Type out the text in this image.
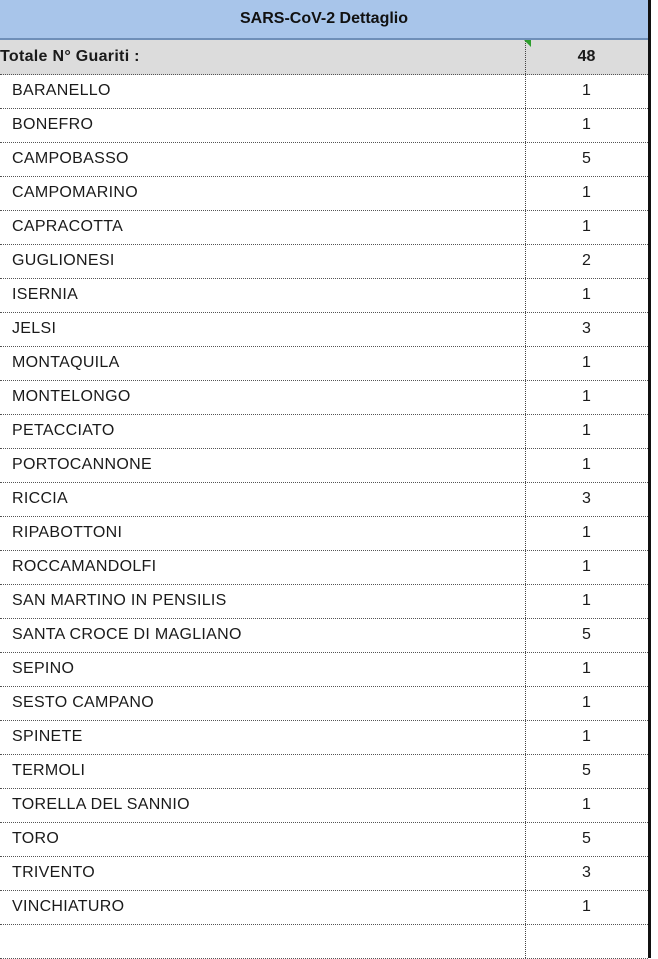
SARS-CoV-2 Dettaglio
Totale N° Guariti :	48
BARANELLO	1
BONEFRO	1
CAMPOBASSO	5
CAMPOMARINO	1
CAPRACOTTA	1
GUGLIONESI	2
ISERNIA	1
JELSI	3
MONTAQUILA	1
MONTELONGO	1
PETACCIATO	1
PORTOCANNONE	1
RICCIA	3
RIPABOTTONI	1
ROCCAMANDOLFI	1
SAN MARTINO IN PENSILIS	1
SANTA CROCE DI MAGLIANO	5
SEPINO	1
SESTO CAMPANO	1
SPINETE	1
TERMOLI	5
TORELLA DEL SANNIO	1
TORO	5
TRIVENTO	3
VINCHIATURO	1
